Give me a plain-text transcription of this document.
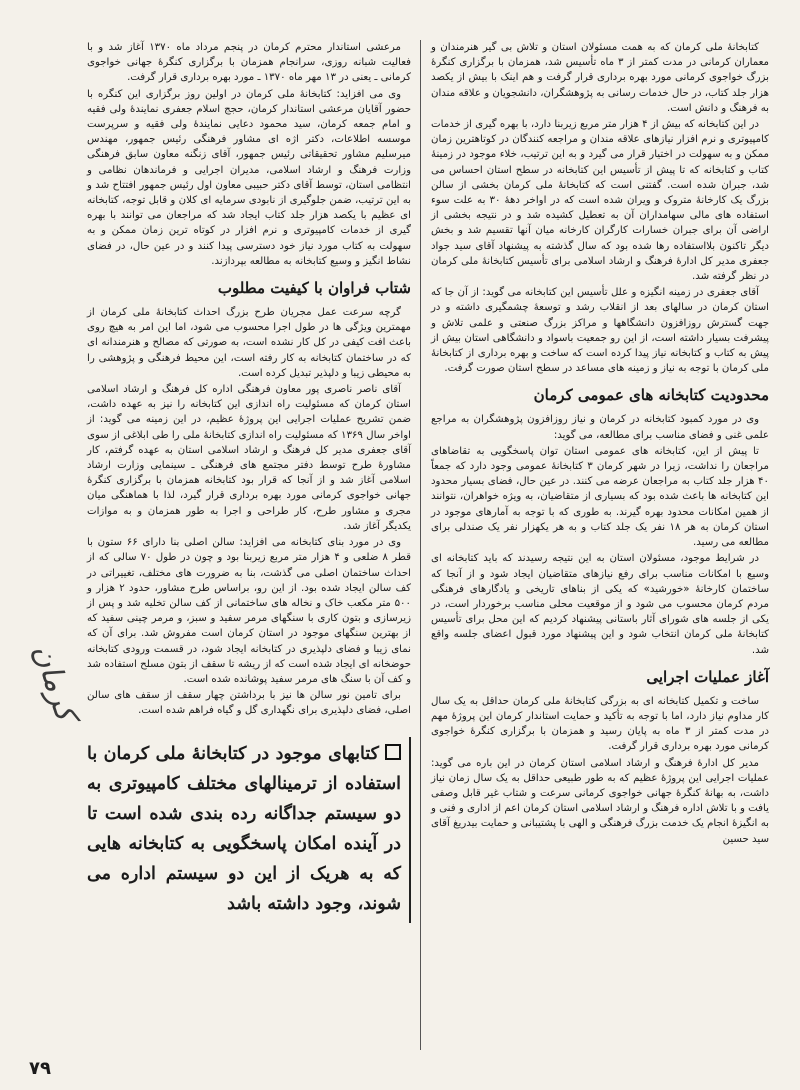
کتابخانهٔ ملی کرمان که به همت مسئولان استان و تلاش بی گیر هنرمندان و معماران کرمانی در مدت کمتر از ۳ ماه تأسیس شد، همزمان با برگزاری کنگرهٔ بزرگ خواجوی کرمانی مورد بهره برداری قرار گرفت و هم اینک با بیش از یکصد هزار جلد کتاب، در حال خدمات رسانی به پژوهشگران، دانشجویان و علاقه مندان به فرهنگ و دانش است.

در این کتابخانه که بیش از ۴ هزار متر مربع زیربنا دارد، با بهره گیری از خدمات کامپیوتری و نرم افزار نیازهای علاقه مندان و مراجعه کنندگان در کوتاهترین زمان ممکن و به سهولت در اختیار قرار می گیرد و به این ترتیب، خلاء موجود در زمینهٔ کتاب و کتابخانه که تا پیش از تأسیس این کتابخانه در سطح استان احساس می شد، جبران شده است. گفتنی است که کتابخانهٔ ملی کرمان بخشی از سالن بزرگ یک کارخانهٔ متروک و ویران شده است که در اواخر دههٔ ۳۰ به علت سوء استفاده های مالی سهامداران آن به تعطیل کشیده شد و در نتیجه بخشی از اراضی آن برای جبران خسارات کارگران کارخانه میان آنها تقسیم شد و بخش دیگر تاکنون بلااستفاده رها شده بود که سال گذشته به پیشنهاد آقای سید جواد جعفری مدیر کل ادارهٔ فرهنگ و ارشاد اسلامی برای تأسیس کتابخانهٔ ملی کرمان در نظر گرفته شد.

آقای جعفری در زمینه انگیزه و علل تأسیس این کتابخانه می گوید: از آن جا که استان کرمان در سالهای بعد از انقلاب رشد و توسعهٔ چشمگیری داشته و در جهت گسترش روزافزون دانشگاهها و مراکز بزرگ صنعتی و علمی تلاش و پیشرفت بسیار داشته است، از این رو جمعیت باسواد و دانشگاهی استان بیش از پیش به کتاب و کتابخانه نیاز پیدا کرده است که ساخت و بهره برداری از کتابخانهٔ ملی کرمان با توجه به نیاز و زمینه های مساعد در سطح استان صورت گرفت.

محدودیت کتابخانه های عمومی کرمان

وی در مورد کمبود کتابخانه در کرمان و نیاز روزافزون پژوهشگران به مراجع علمی غنی و فضای مناسب برای مطالعه، می گوید:

تا پیش از این، کتابخانه های عمومی استان توان پاسخگویی به تقاضاهای مراجعان را نداشت، زیرا در شهر کرمان ۳ کتابخانهٔ عمومی وجود دارد که جمعاً ۴۰ هزار جلد کتاب به مراجعان عرضه می کنند. در عین حال، فضای بسیار محدود این کتابخانه ها باعث شده بود که بسیاری از متقاضیان، به ویژه خواهران، نتوانند از همین امکانات محدود بهره گیرند. به طوری که با توجه به آمارهای موجود در استان کرمان به هر ۱۸ نفر یک جلد کتاب و به هر یکهزار نفر یک صندلی برای مطالعه می رسید.

در شرایط موجود، مسئولان استان به این نتیجه رسیدند که باید کتابخانه ای وسیع با امکانات مناسب برای رفع نیازهای متقاضیان ایجاد شود و از آنجا که ساختمان کارخانهٔ «خورشید» که یکی از بناهای تاریخی و یادگارهای فرهنگی مردم کرمان محسوب می شود و از موقعیت محلی مناسب برخوردار است، در یکی از جلسه های شورای آثار باستانی پیشنهاد کردیم که این محل برای تأسیس کتابخانهٔ ملی کرمان انتخاب شود و این پیشنهاد مورد قبول اعضای جلسه واقع شد.

آغاز عملیات اجرایی

ساخت و تکمیل کتابخانه ای به بزرگی کتابخانهٔ ملی کرمان حداقل به یک سال کار مداوم نیاز دارد، اما با توجه به تأکید و حمایت استاندار کرمان این پروژهٔ مهم در مدت کمتر از ۳ ماه به پایان رسید و همزمان با برگزاری کنگرهٔ خواجوی کرمانی مورد بهره برداری قرار گرفت.

مدیر کل ادارهٔ فرهنگ و ارشاد اسلامی استان کرمان در این باره می گوید: عملیات اجرایی این پروژهٔ عظیم که به طور طبیعی حداقل به یک سال زمان نیاز داشت، به بهانهٔ کنگرهٔ جهانی خواجوی کرمانی سرعت و شتاب غیر قابل وصفی یافت و با تلاش اداره فرهنگ و ارشاد اسلامی استان کرمان اعم از اداری و فنی و به انگیزهٔ انجام یک خدمت بزرگ فرهنگی و الهی با پشتیبانی و حمایت بیدریغ آقای سید حسین

مرعشی استاندار محترم کرمان در پنجم مرداد ماه ۱۳۷۰ آغاز شد و با فعالیت شبانه روزی، سرانجام همزمان با برگزاری کنگرهٔ جهانی خواجوی کرمانی ـ یعنی در ۱۳ مهر ماه ۱۳۷۰ ـ مورد بهره برداری قرار گرفت.

وی می افزاید: کتابخانهٔ ملی کرمان در اولین روز برگزاری این کنگره با حضور آقایان مرعشی استاندار کرمان، حجج اسلام جعفری نمایندهٔ ولی فقیه و امام جمعه کرمان، سید محمود دعایی نمایندهٔ ولی فقیه و سرپرست موسسه اطلاعات، دکتر اژه ای مشاور فرهنگی رئیس جمهور، مهندس میرسلیم مشاور تحقیقاتی رئیس جمهور، آقای زنگنه معاون سابق فرهنگی وزارت فرهنگ و ارشاد اسلامی، مدیران اجرایی و فرماندهان نظامی و انتظامی استان، توسط آقای دکتر حبیبی معاون اول رئیس جمهور افتتاح شد و به این ترتیب، ضمن جلوگیری از نابودی سرمایه ای کلان و قابل توجه، کتابخانه ای عظیم با یکصد هزار جلد کتاب ایجاد شد که مراجعان می توانند با بهره گیری از خدمات کامپیوتری و نرم افزار در کوتاه ترین زمان ممکن و به سهولت به کتاب مورد نیاز خود دسترسی پیدا کنند و در عین حال، در فضای نشاط انگیز و وسیع کتابخانه به مطالعه بپردازند.

شتاب فراوان با کیفیت مطلوب

گرچه سرعت عمل مجریان طرح بزرگ احداث کتابخانهٔ ملی کرمان از مهمترین ویژگی ها در طول اجرا محسوب می شود، اما این امر به هیچ روی باعث افت کیفی در کل کار نشده است، به صورتی که مصالح و هنرمندانه ای که در ساختمان کتابخانه به کار رفته است، این محیط فرهنگی و پژوهشی را به محیطی زیبا و دلپذیر تبدیل کرده است.

آقای ناصر ناصری پور معاون فرهنگی اداره کل فرهنگ و ارشاد اسلامی استان کرمان که مسئولیت راه اندازی این کتابخانه را نیز به عهده داشت، ضمن تشریح عملیات اجرایی این پروژهٔ عظیم، در این زمینه می گوید: از اواخر سال ۱۳۶۹ که مسئولیت راه اندازی کتابخانهٔ ملی را طی ابلاغی از سوی آقای جعفری مدیر کل فرهنگ و ارشاد اسلامی استان به عهده گرفتم، کار مشاورهٔ طرح توسط دفتر مجتمع های فرهنگی ـ سینمایی وزارت ارشاد اسلامی آغاز شد و از آنجا که قرار بود کتابخانه همزمان با برگزاری کنگرهٔ جهانی خواجوی کرمانی مورد بهره برداری قرار گیرد، لذا با هماهنگی میان مجری و مشاور طرح، کار طراحی و اجرا به طور همزمان و به موازات یکدیگر آغاز شد.

وی در مورد بنای کتابخانه می افزاید: سالن اصلی بنا دارای ۶۶ ستون با قطر ۸ ضلعی و ۴ هزار متر مربع زیربنا بود و چون در طول ۷۰ سالی که از احداث ساختمان اصلی می گذشت، بنا به ضرورت های مختلف، تغییراتی در کف سالن ایجاد شده بود. از این رو، براساس طرح مشاور، حدود ۲ هزار و ۵۰۰ متر مکعب خاک و نخاله های ساختمانی از کف سالن تخلیه شد و پس از زیرسازی و بتون کاری با سنگهای مرمر سفید و سبز، و مرمر چینی سفید که از بهترین سنگهای موجود در استان کرمان است مفروش شد. برای آن که نمای زیبا و فضای دلپذیری در کتابخانه ایجاد شود، در قسمت ورودی کتابخانه حوضخانه ای ایجاد شده است که از ریشه تا سقف از بتون مسلح استفاده شد و کف آن با سنگ های مرمر سفید پوشانده شده است.

برای تامین نور سالن ها نیز با برداشتن چهار سقف از سقف های سالن اصلی، فضای دلپذیری برای نگهداری گل و گیاه فراهم شده است.

کتابهای موجود در کتابخانهٔ ملی کرمان با استفاده از ترمینالهای مختلف کامپیوتری به دو سیستم جداگانه رده بندی شده است تا در آینده امکان پاسخگویی به کتابخانه هایی که به هریک از این دو سیستم اداره می شوند، وجود داشته باشد
کرمان
۷۹
